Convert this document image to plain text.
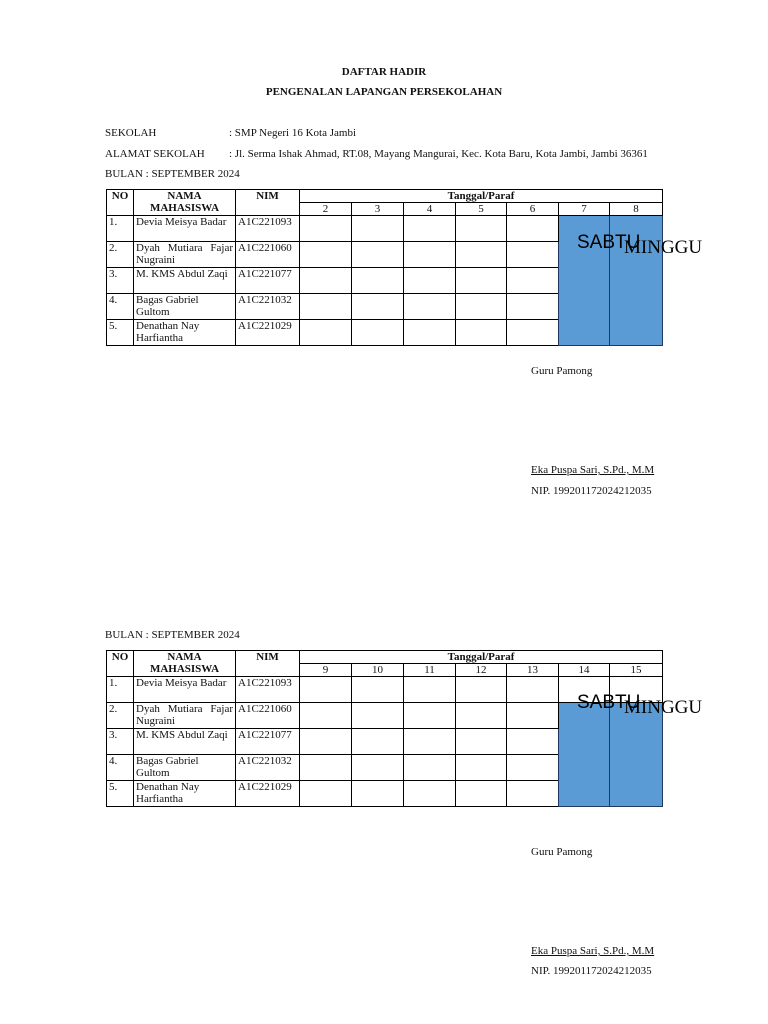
DAFTAR HADIR
PENGENALAN LAPANGAN PERSEKOLAHAN
SEKOLAH	: SMP Negeri 16 Kota Jambi
ALAMAT SEKOLAH : Jl. Serma Ishak Ahmad, RT.08, Mayang Mangurai, Kec. Kota Baru, Kota Jambi, Jambi 36361
BULAN : SEPTEMBER 2024
NO	NAMA MAHASISWA	NIM	Tanggal/Paraf						
			2	3	4	5	6	7	8
1.	Devia Meisya Badar	A1C221093							
2.	Dyah Mutiara Fajar Nugraini	A1C221060							
3.	M. KMS Abdul Zaqi	A1C221077							
4.	Bagas Gabriel Gultom	A1C221032							
5.	Denathan Nay Harfiantha	A1C221029							
SABTU
MINGGU
Guru Pamong
Eka Puspa Sari, S.Pd., M.M
NIP. 199201172024212035
BULAN : SEPTEMBER 2024
NO	NAMA MAHASISWA	NIM	Tanggal/Paraf						
			9	10	11	12	13	14	15
1.	Devia Meisya Badar	A1C221093							
2.	Dyah Mutiara Fajar Nugraini	A1C221060							
3.	M. KMS Abdul Zaqi	A1C221077							
4.	Bagas Gabriel Gultom	A1C221032							
5.	Denathan Nay Harfiantha	A1C221029							
SABTU
MINGGU
Guru Pamong
Eka Puspa Sari, S.Pd., M.M
NIP. 199201172024212035
